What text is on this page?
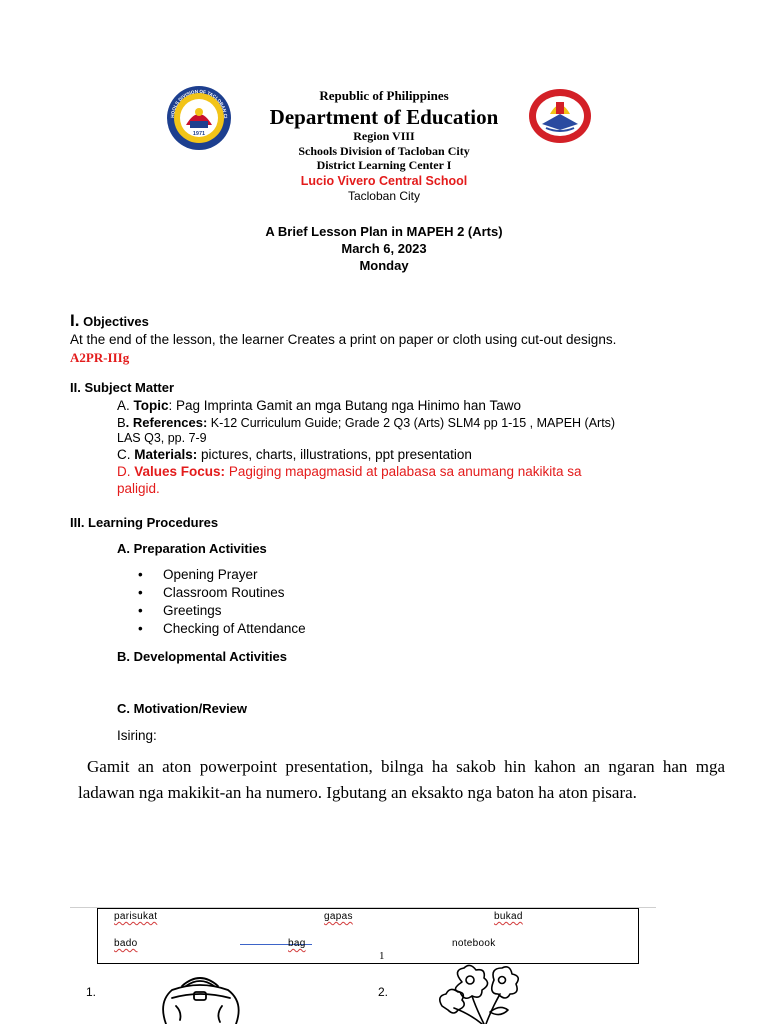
1971
HOOLS DIVISION OF TACLOBAN CI
Republic of Philippines
Department of Education
Region VIII
Schools Division of Tacloban City
District Learning Center I
Lucio Vivero Central School
Tacloban City
A Brief Lesson Plan in MAPEH 2 (Arts)
March 6, 2023
Monday
I. Objectives
At the end of the lesson, the learner Creates a print on paper or cloth using cut-out designs.
A2PR-IIIg
II. Subject Matter
A. Topic: Pag Imprinta Gamit an mga Butang nga Hinimo han Tawo
B. References: K-12 Curriculum Guide; Grade 2 Q3 (Arts) SLM4 pp 1-15 , MAPEH (Arts)
LAS Q3, pp. 7-9
C. Materials: pictures, charts, illustrations, ppt presentation
D. Values Focus: Pagiging mapagmasid at palabasa sa anumang nakikita sa
paligid.
III. Learning Procedures
A. Preparation Activities
• Opening Prayer
• Classroom Routines
• Greetings
• Checking of Attendance
B. Developmental Activities
C. Motivation/Review
Isiring:
Gamit an aton powerpoint presentation, bilnga ha sakob hin kahon an ngaran han mga ladawan nga makikit-an ha numero. Igbutang an eksakto nga baton ha aton pisara.
parisukat	gapas	bukad
bado	bag	notebook
1
1.	2.
